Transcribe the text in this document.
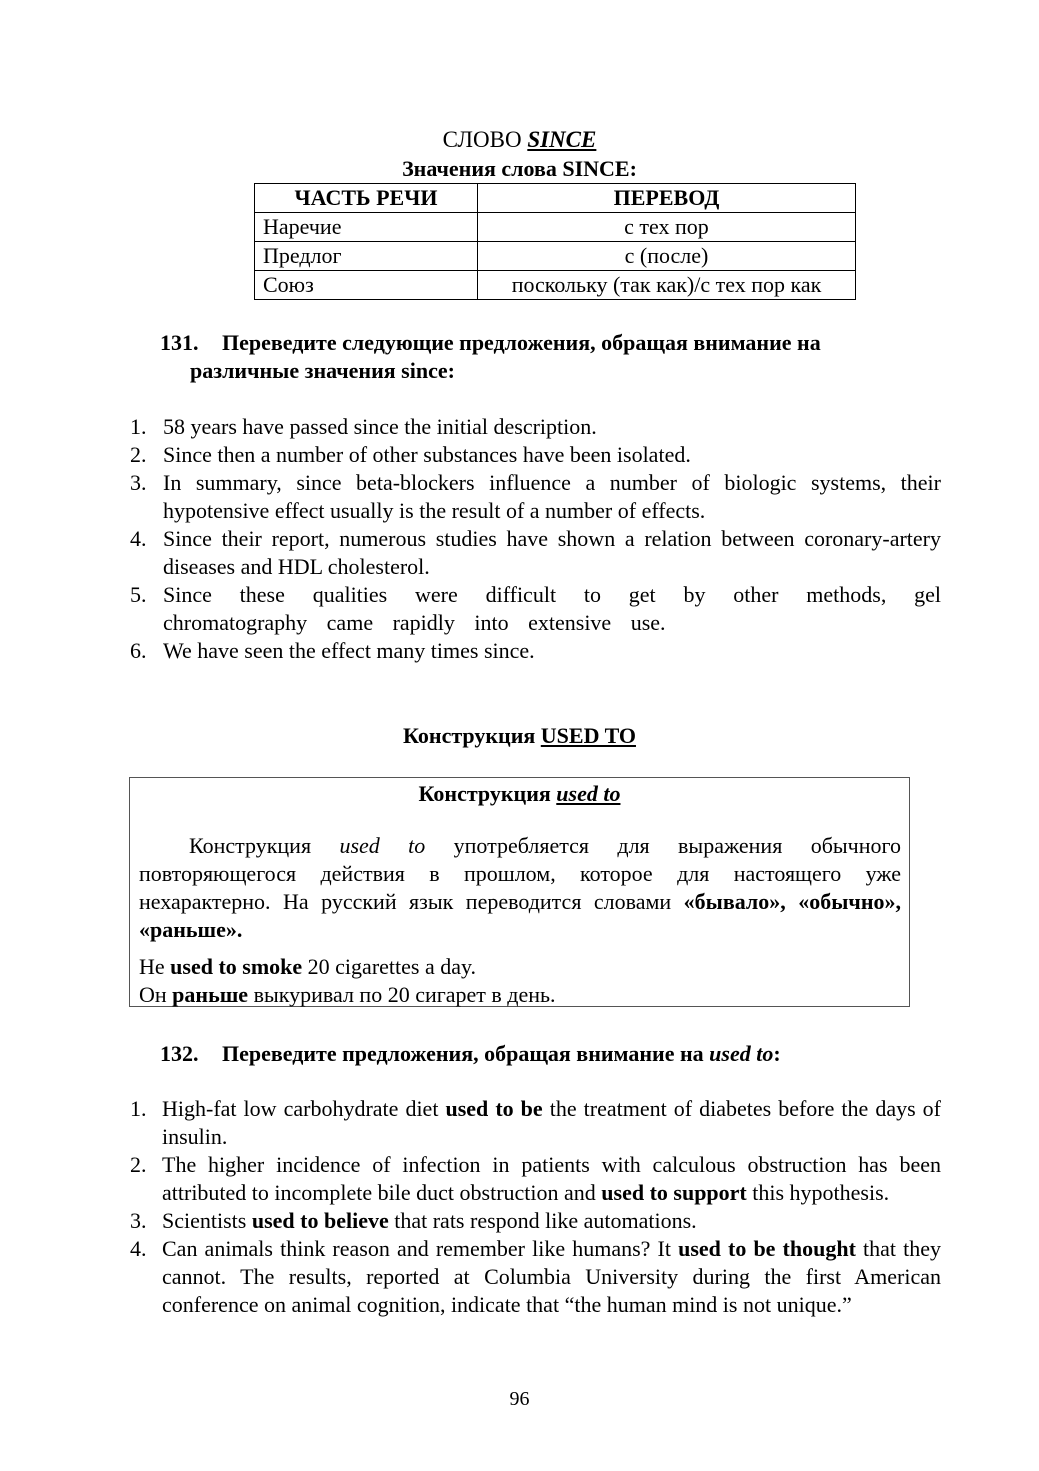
СЛОВО SINCE
Значения слова SINCE:
ЧАСТЬ РЕЧИ	ПЕРЕВОД
Наречие	с тех пор
Предлог	с (после)
Союз	поскольку (так как)/с тех пор как
131. Переведите следующие предложения, обращая внимание на
различные значения since:
1. 58 years have passed since the initial description.
2. Since then a number of other substances have been isolated.
3. In summary, since beta-blockers influence a number of biologic systems, their hypotensive effect usually is the result of a number of effects.
4. Since their report, numerous studies have shown a relation between coronary-artery diseases and HDL cholesterol.
5. Since these qualities were difficult to get by other methods, gel chromatography came rapidly into extensive use.
6. We have seen the effect many times since.
Конструкция USED TO
Конструкция used to
Конструкция used to употребляется для выражения обычного повторяющегося действия в прошлом, которое для настоящего уже нехарактерно. На русский язык переводится словами «бывало», «обычно», «раньше».
He used to smoke 20 cigarettes a day.
Он раньше выкуривал по 20 сигарет в день.
132. Переведите предложения, обращая внимание на used to:
1. High-fat low carbohydrate diet used to be the treatment of diabetes before the days of insulin.
2. The higher incidence of infection in patients with calculous obstruction has been attributed to incomplete bile duct obstruction and used to support this hypothesis.
3. Scientists used to believe that rats respond like automations.
4. Can animals think reason and remember like humans? It used to be thought that they cannot. The results, reported at Columbia University during the first American conference on animal cognition, indicate that “the human mind is not unique.”
96
